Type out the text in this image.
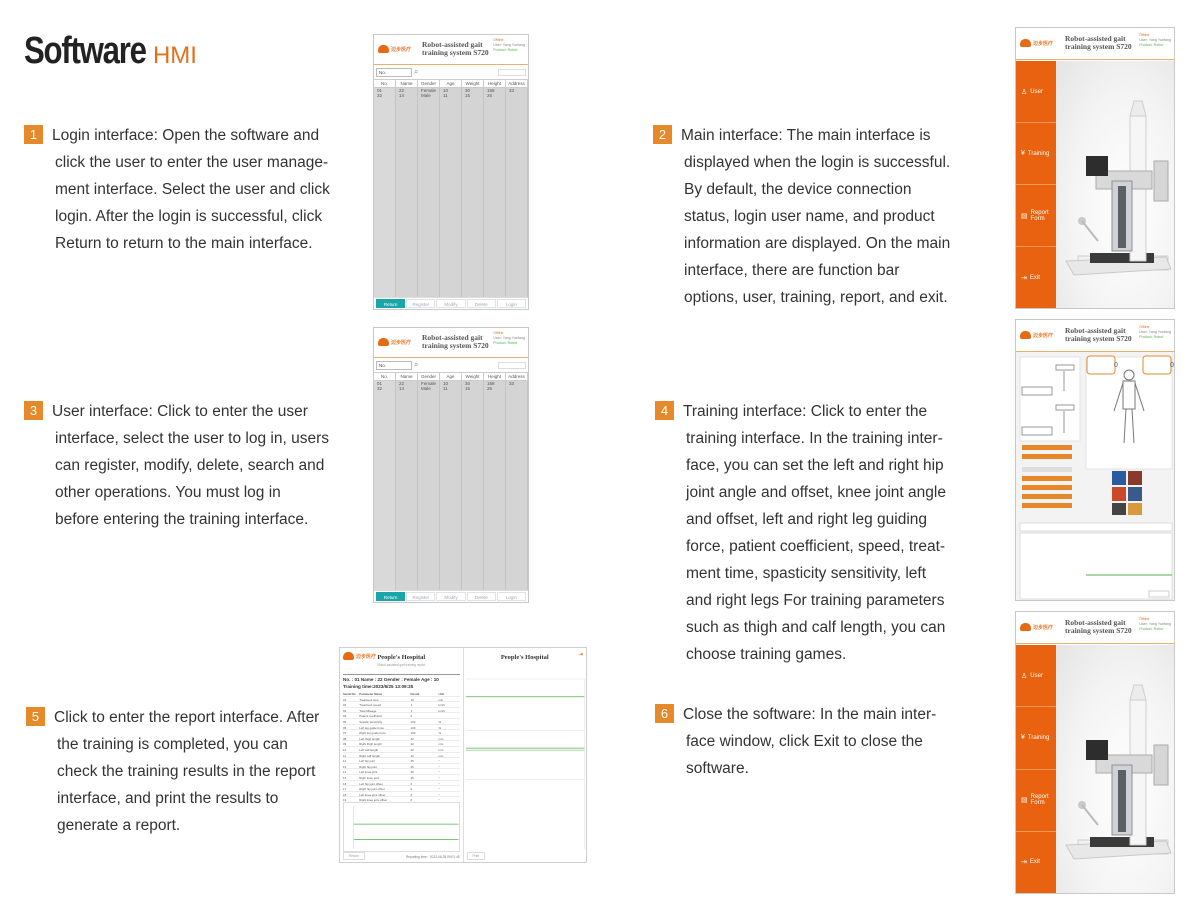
Software HMI
1 Login interface: Open the software and
click the user to enter the user manage-
ment interface. Select the user and click
login. After the login is successful, click
Return to return to the main interface.
2 Main interface: The main interface is
displayed when the login is successful.
By default, the device connection
status, login user name, and product
information are displayed. On the main
interface, there are function bar
options, user, training, report, and exit.
3 User interface: Click to enter the user
interface, select the user to log in, users
can register, modify, delete, search and
other operations. You must log in
before entering the training interface.
4 Training interface: Click to enter the
training interface. In the training inter-
face, you can set the left and right hip
joint angle and offset, knee joint angle
and offset, left and right leg guiding
force, patient coefficient, speed, treat-
ment time, spasticity sensitivity, left
and right legs For training parameters
such as thigh and calf length, you can
choose training games.
5 Click to enter the report interface. After
the training is completed, you can
check the training results in the report
interface, and print the results to
generate a report.
6 Close the software: In the main inter-
face window, click Exit to close the
software.
迈步医疗
Robot-assisted gait
training system S720
Offline
User: Yang Yuefang
Product: Robot
No.	⌕
No.	Name	Gender	Age	Weight	Height	Address
01
32
22
14
Female
Male
10
11
30
15
158
26
33
Return	Register	Modify	Delete	Login
迈步医疗
Robot-assisted gait
training system S720
Offline
User: Yang Yuefang
Product: Robot
No.	⌕
No.	Name	Gender	Age	Weight	Height	Address
01
32
22
14
Female
Male
10
11
30
15
158
26
33
Return	Register	Modify	Delete	Login
迈步医疗
Robot-assisted gait
training system S720
Offline
User: Yang Yuefang
Product: Robot
♙ User
¥ Training
▤ Report Form
⇥ Exit
迈步医疗
Robot-assisted gait
training system S720
Offline
User: Yang Yuefang
Product: Robot
0	0
迈步医疗
Robot-assisted gait
training system S720
Offline
User: Yang Yuefang
Product: Robot
♙ User
¥ Training
▤ Report Form
⇥ Exit
迈步医疗 People's Hospital
Robot-assisted gait training report
No. : 01 Name : 22 Gender : Female Age : 10
Training time:2023/6/25 13:09:25
Serial No.	Parameter Name	Result	Unit
01	Treatment time	10	min
02	Treatment speed	1	km/h
03	Total Mileage	1	km/h
04	Patient coefficient	0
05	Spastic sensitivity	100	%
06	Left leg guide force	100	%
07	Right leg guide force	100	%
08	Left thigh length	42	mm
09	Right thigh length	42	mm
10	Left calf length	42	mm
11	Right calf length	42	mm
12	Left hip joint	45	°
13	Right hip joint	45	°
14	Left knee joint	45	°
15	Right knee joint	45	°
16	Left hip joint offset	0	°
17	Right hip joint offset	0	°
18	Left knee joint offset	0	°
19	Right knee joint offset	0	°
Return	Reporting time：2023-06-28 09:01:45
People's Hospital	⇥
Print
